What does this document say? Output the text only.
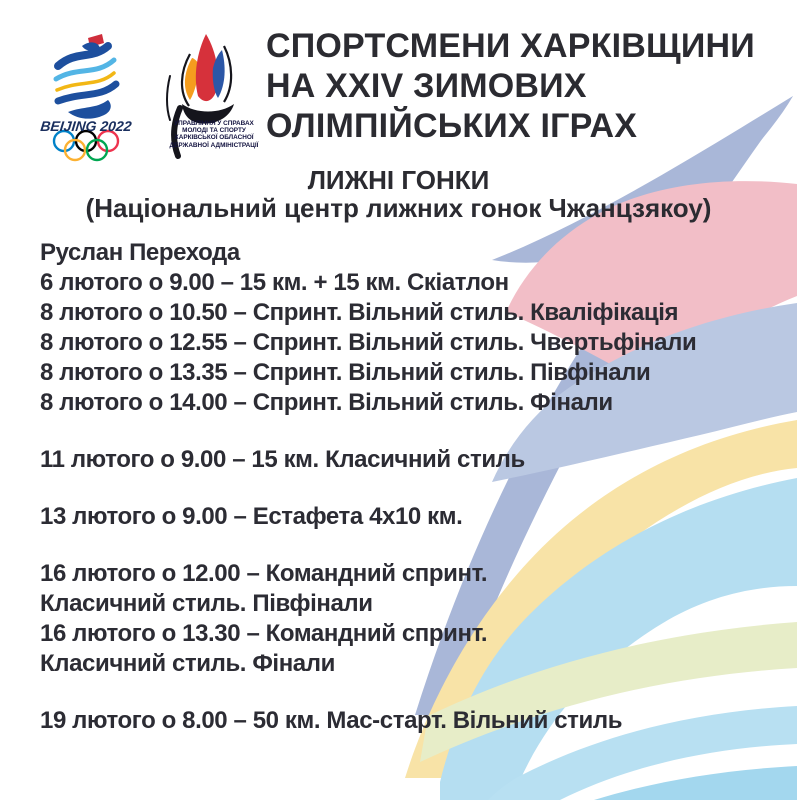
BEIJING 2022	УПРАВЛІННЯ У СПРАВАХ
МОЛОДІ ТА СПОРТУ
ХАРКІВСЬКОЇ ОБЛАСНОЇ
ДЕРЖАВНОЇ АДМІНІСТРАЦІЇ
СПОРТСМЕНИ ХАРКІВЩИНИ
НА XXIV ЗИМОВИХ
ОЛІМПІЙСЬКИХ ІГРАХ
ЛИЖНІ ГОНКИ
(Національний центр лижних гонок Чжанцзякоу)

Руслан Перехода

6 лютого о 9.00 – 15 км. + 15 км. Скіатлон

8 лютого о 10.50 – Спринт. Вільний стиль. Кваліфікація

8 лютого о 12.55 – Спринт. Вільний стиль. Чвертьфінали

8 лютого о 13.35 – Спринт. Вільний стиль. Півфінали

8 лютого о 14.00 – Спринт. Вільний стиль. Фінали

11 лютого о 9.00 – 15 км. Класичний стиль

13 лютого о 9.00 – Естафета 4х10 км.

16 лютого о 12.00 – Командний спринт.

Класичний стиль. Півфінали

16 лютого о 13.30 – Командний спринт.

Класичний стиль. Фінали

19 лютого о 8.00 – 50 км. Мас-старт. Вільний стиль
